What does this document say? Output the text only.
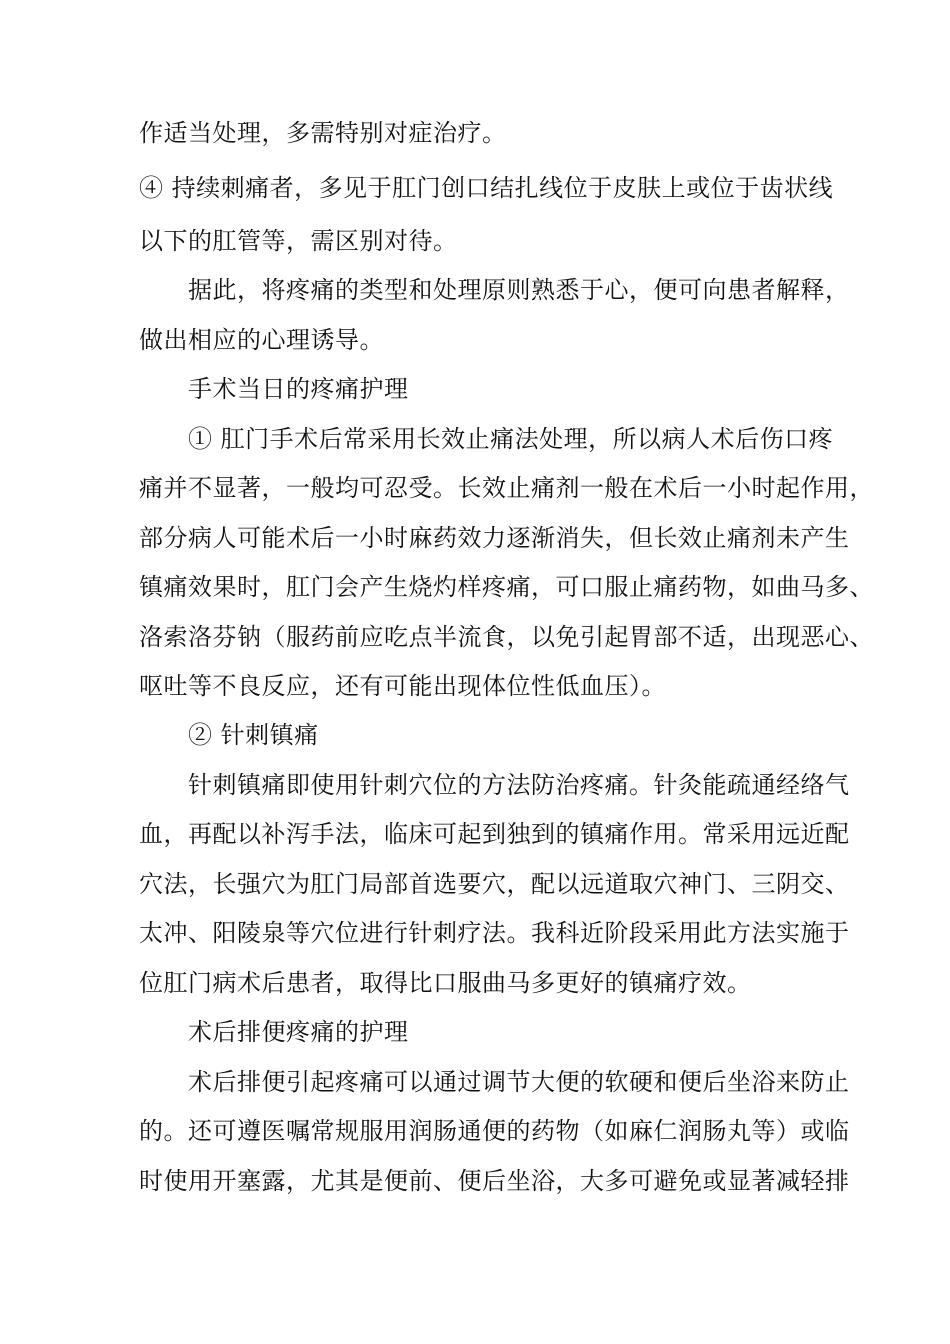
作适当处理，多需特别对症治疗。
④ 持续刺痛者，多见于肛门创口结扎线位于皮肤上或位于齿状线
以下的肛管等，需区别对待。
据此，将疼痛的类型和处理原则熟悉于心，便可向患者解释，
做出相应的心理诱导。
手术当日的疼痛护理
① 肛门手术后常采用长效止痛法处理，所以病人术后伤口疼
痛并不显著，一般均可忍受。长效止痛剂一般在术后一小时起作用，
部分病人可能术后一小时麻药效力逐渐消失，但长效止痛剂未产生
镇痛效果时，肛门会产生烧灼样疼痛，可口服止痛药物，如曲马多、
洛索洛芬钠（服药前应吃点半流食，以免引起胃部不适，出现恶心、
呕吐等不良反应，还有可能出现体位性低血压）。
② 针刺镇痛
针刺镇痛即使用针刺穴位的方法防治疼痛。针灸能疏通经络气
血，再配以补泻手法，临床可起到独到的镇痛作用。常采用远近配
穴法，长强穴为肛门局部首选要穴，配以远道取穴神门、三阴交、
太冲、阳陵泉等穴位进行针刺疗法。我科近阶段采用此方法实施于
位肛门病术后患者，取得比口服曲马多更好的镇痛疗效。
术后排便疼痛的护理
术后排便引起疼痛可以通过调节大便的软硬和便后坐浴来防止
的。还可遵医嘱常规服用润肠通便的药物（如麻仁润肠丸等）或临
时使用开塞露，尤其是便前、便后坐浴，大多可避免或显著减轻排
